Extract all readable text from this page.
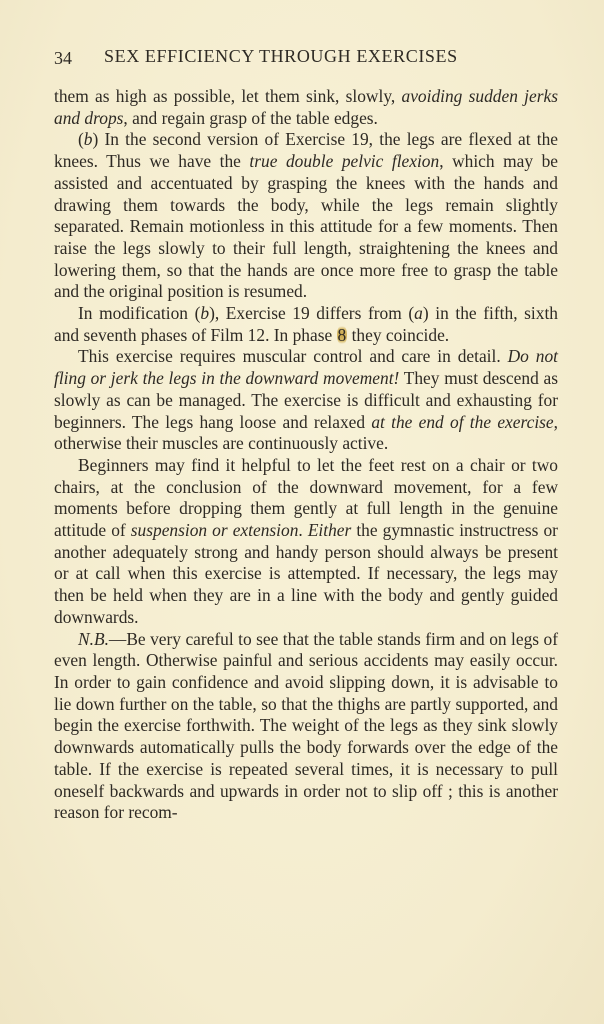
34 SEX EFFICIENCY THROUGH EXERCISES

them as high as possible, let them sink, slowly, avoiding sudden jerks and drops, and regain grasp of the table edges.

(b) In the second version of Exercise 19, the legs are flexed at the knees. Thus we have the true double pelvic flexion, which may be assisted and accentuated by grasping the knees with the hands and drawing them towards the body, while the legs remain slightly separated. Remain motionless in this attitude for a few moments. Then raise the legs slowly to their full length, straightening the knees and lowering them, so that the hands are once more free to grasp the table and the original position is resumed.

In modification (b), Exercise 19 differs from (a) in the fifth, sixth and seventh phases of Film 12. In phase 8 they coincide.

This exercise requires muscular control and care in detail. Do not fling or jerk the legs in the downward movement! They must descend as slowly as can be managed. The exercise is difficult and exhausting for beginners. The legs hang loose and relaxed at the end of the exercise, otherwise their muscles are continuously active.

Beginners may find it helpful to let the feet rest on a chair or two chairs, at the conclusion of the downward movement, for a few moments before dropping them gently at full length in the genuine attitude of suspension or extension. Either the gymnastic instructress or another adequately strong and handy person should always be present or at call when this exercise is attempted. If necessary, the legs may then be held when they are in a line with the body and gently guided downwards.

N.B.—Be very careful to see that the table stands firm and on legs of even length. Otherwise painful and serious accidents may easily occur. In order to gain confidence and avoid slipping down, it is advisable to lie down further on the table, so that the thighs are partly supported, and begin the exercise forthwith. The weight of the legs as they sink slowly downwards automatically pulls the body forwards over the edge of the table. If the exercise is repeated several times, it is necessary to pull oneself backwards and upwards in order not to slip off ; this is another reason for recom-
